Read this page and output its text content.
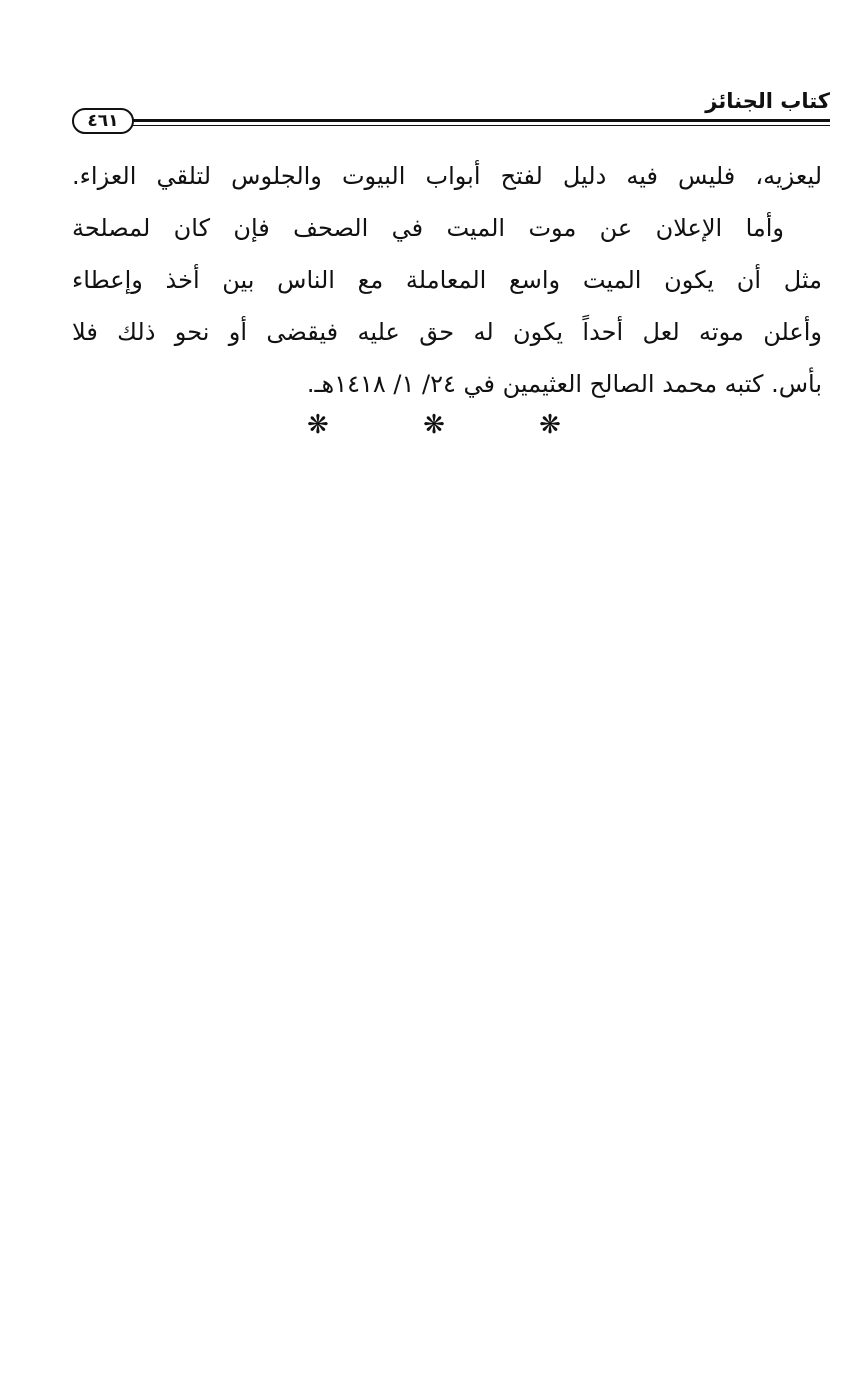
كتاب الجنائز
٤٦١
ليعزيه، فليس فيه دليل لفتح أبواب البيوت والجلوس لتلقي العزاء.
وأما الإعلان عن موت الميت في الصحف فإن كان لمصلحة
مثل أن يكون الميت واسع المعاملة مع الناس بين أخذ وإعطاء
وأعلن موته لعل أحداً يكون له حق عليه فيقضى أو نحو ذلك فلا
بأس. كتبه محمد الصالح العثيمين في ٢٤/ ١/ ١٤١٨هـ.
❋ ❋ ❋
